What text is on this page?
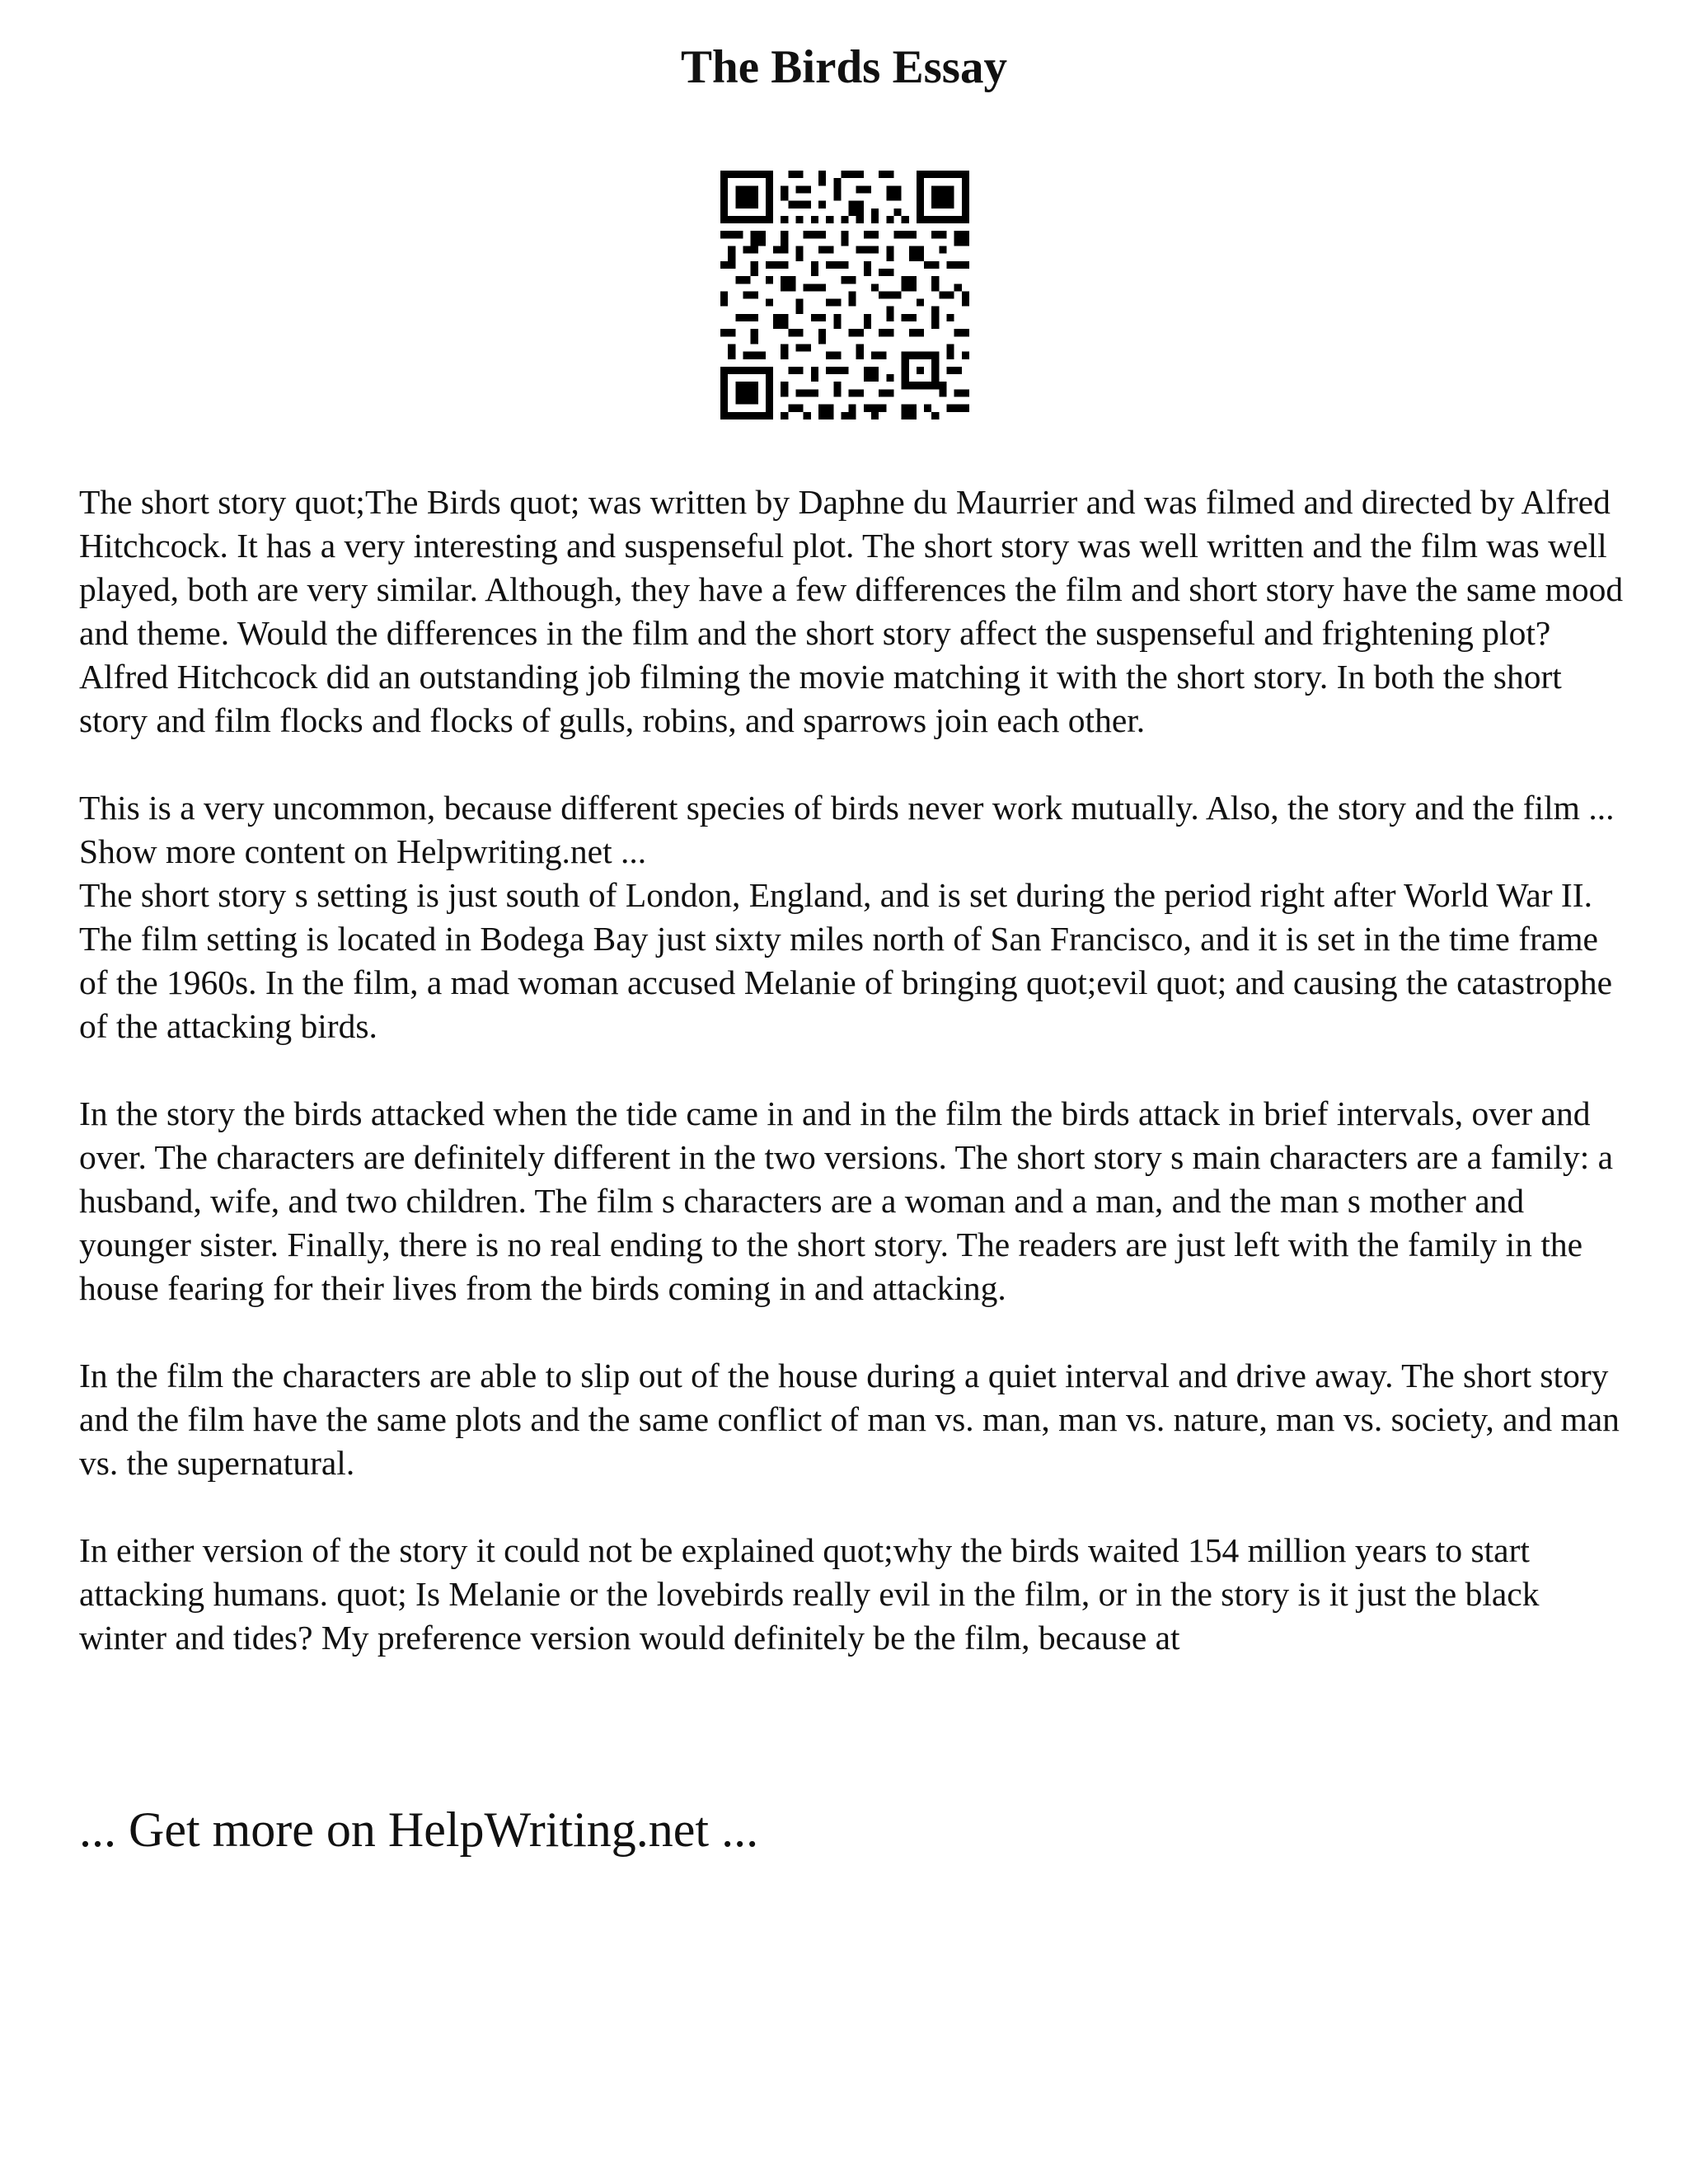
The Birds Essay

The short story quot;The Birds quot; was written by Daphne du Maurrier and was filmed and directed by Alfred Hitchcock. It has a very interesting and suspenseful plot. The short story was well written and the film was well played, both are very similar. Although, they have a few differences the film and short story have the same mood and theme. Would the differences in the film and the short story affect the suspenseful and frightening plot?Alfred Hitchcock did an outstanding job filming the movie matching it with the short story. In both the short story and film flocks and flocks of gulls, robins, and sparrows join each other.

This is a very uncommon, because different species of birds never work mutually. Also, the story and the film ... Show more content on Helpwriting.net ...

The short story s setting is just south of London, England, and is set during the period right after World War II. The film setting is located in Bodega Bay just sixty miles north of San Francisco, and it is set in the time frame of the 1960s. In the film, a mad woman accused Melanie of bringing quot;evil quot; and causing the catastrophe of the attacking birds.

In the story the birds attacked when the tide came in and in the film the birds attack in brief intervals, over and over. The characters are definitely different in the two versions. The short story s main characters are a family: a husband, wife, and two children. The film s characters are a woman and a man, and the man s mother and younger sister. Finally, there is no real ending to the short story. The readers are just left with the family in the house fearing for their lives from the birds coming in and attacking.

In the film the characters are able to slip out of the house during a quiet interval and drive away. The short story and the film have the same plots and the same conflict of man vs. man, man vs. nature, man vs. society, and man vs. the supernatural.

In either version of the story it could not be explained quot;why the birds waited 154 million years to start attacking humans. quot; Is Melanie or the lovebirds really evil in the film, or in the story is it just the black winter and tides? My preference version would definitely be the film, because at

... Get more on HelpWriting.net ...
